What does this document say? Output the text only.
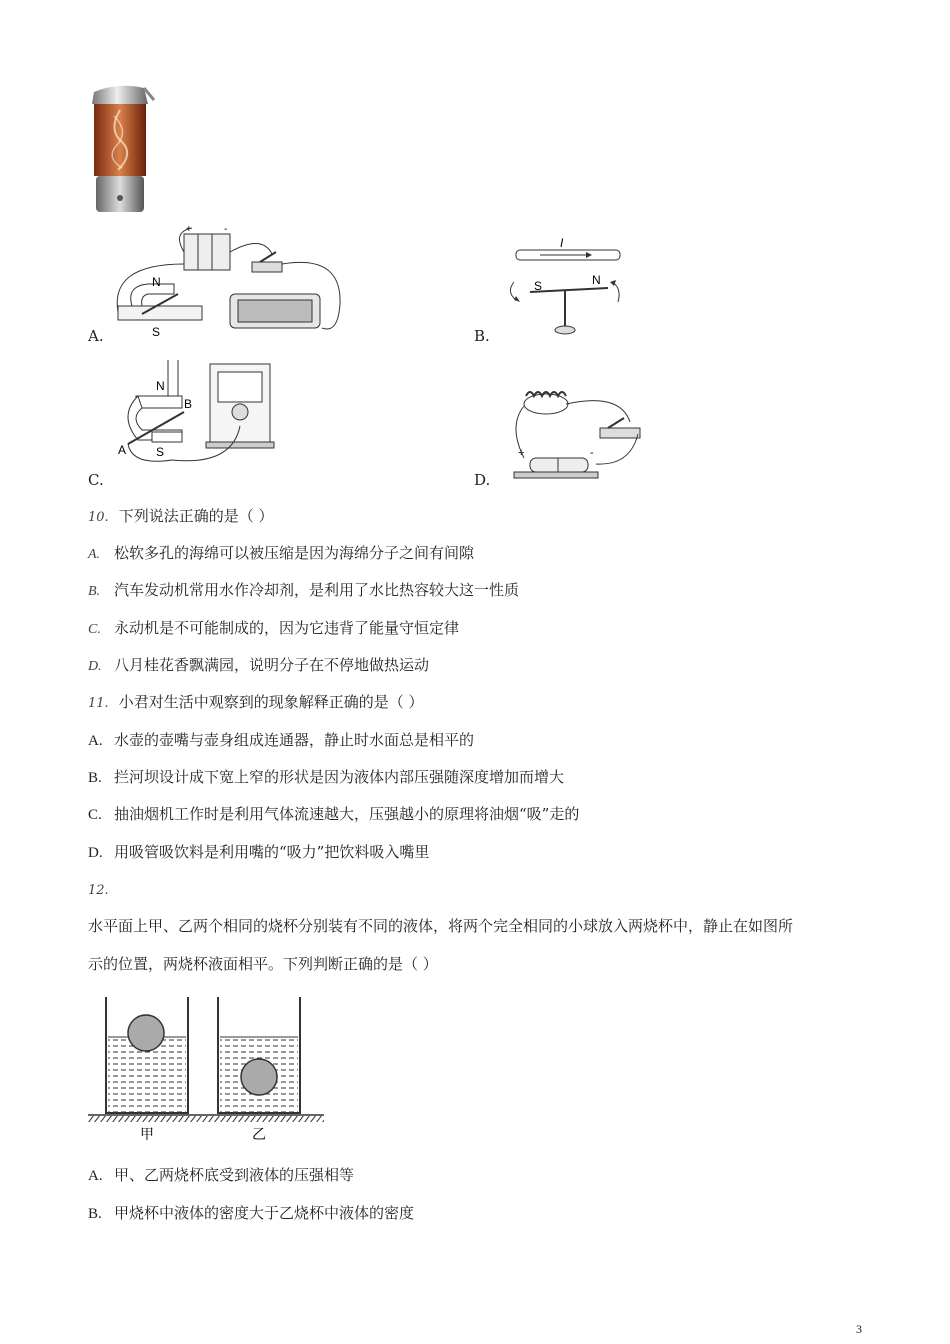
+	-
N
S
A.
I
S	N
B.
N
S
A
B
C.
+	-
D.
10. 下列说法正确的是（ ）
A. 松软多孔的海绵可以被压缩是因为海绵分子之间有间隙
B. 汽车发动机常用水作冷却剂，是利用了水比热容较大这一性质
C. 永动机是不可能制成的，因为它违背了能量守恒定律
D. 八月桂花香飘满园，说明分子在不停地做热运动
11. 小君对生活中观察到的现象解释正确的是（ ）
A. 水壶的壶嘴与壶身组成连通器，静止时水面总是相平的
B. 拦河坝设计成下宽上窄的形状是因为液体内部压强随深度增加而增大
C. 抽油烟机工作时是利用气体流速越大，压强越小的原理将油烟“吸”走的
D. 用吸管吸饮料是利用嘴的“吸力”把饮料吸入嘴里
12.
水平面上甲、乙两个相同的烧杯分别装有不同的液体，将两个完全相同的小球放入两烧杯中，静止在如图所
示的位置，两烧杯液面相平。下列判断正确的是（ ）
甲	乙
A. 甲、乙两烧杯底受到液体的压强相等
B. 甲烧杯中液体的密度大于乙烧杯中液体的密度
3
